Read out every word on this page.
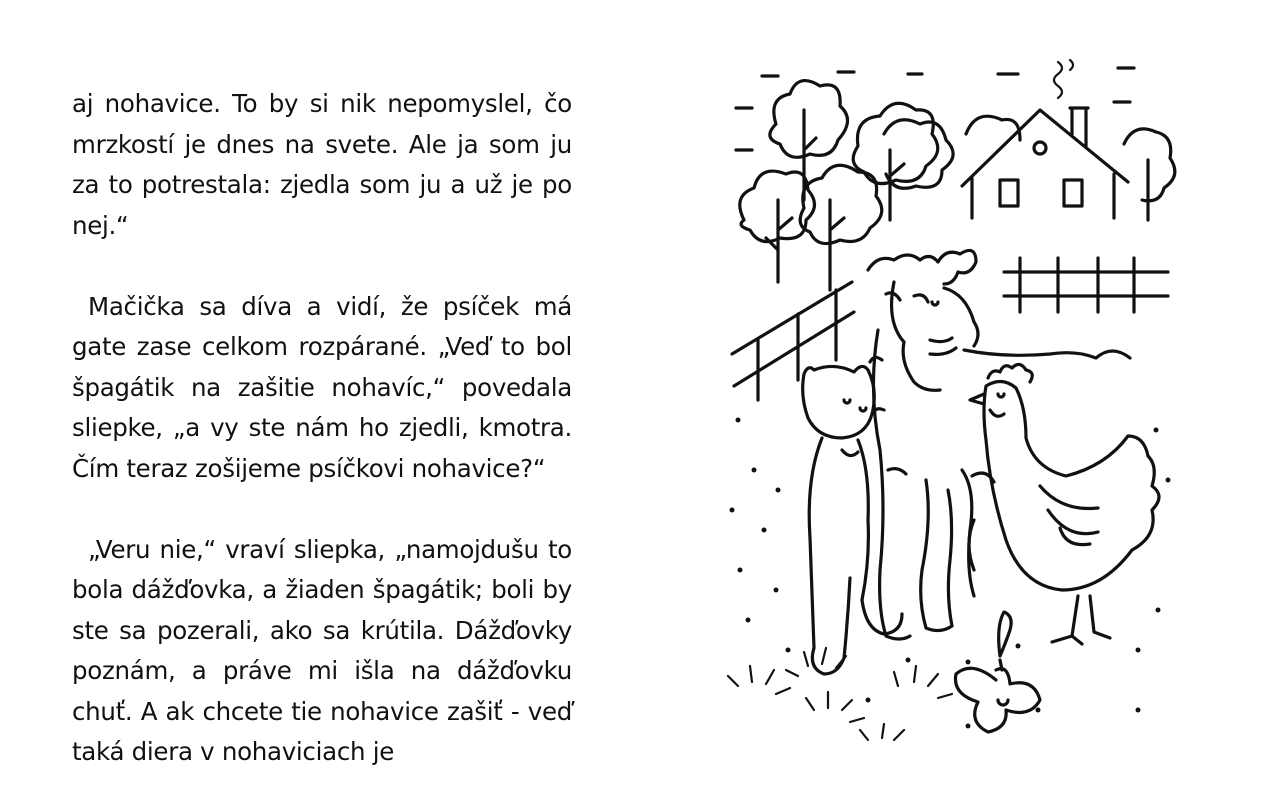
aj nohavice. To by si nik nepomyslel, čo mrzkostí je dnes na svete. Ale ja som ju za to potrestala: zjedla som ju a už je po nej.“

Mačička sa díva a vidí, že psíček má gate zase celkom rozpárané. „Veď to bol špagátik na zašitie nohavíc,“ povedala sliepke, „a vy ste nám ho zjedli, kmotra. Čím teraz zošijeme psíčkovi nohavice?“

„Veru nie,“ vraví sliepka, „namojdušu to bola dážďovka, a žiaden špagátik; boli by ste sa pozerali, ako sa krútila. Dážďovky poznám, a práve mi išla na dážďovku chuť. A ak chcete tie nohavice zašiť - veď taká diera v nohaviciach je
